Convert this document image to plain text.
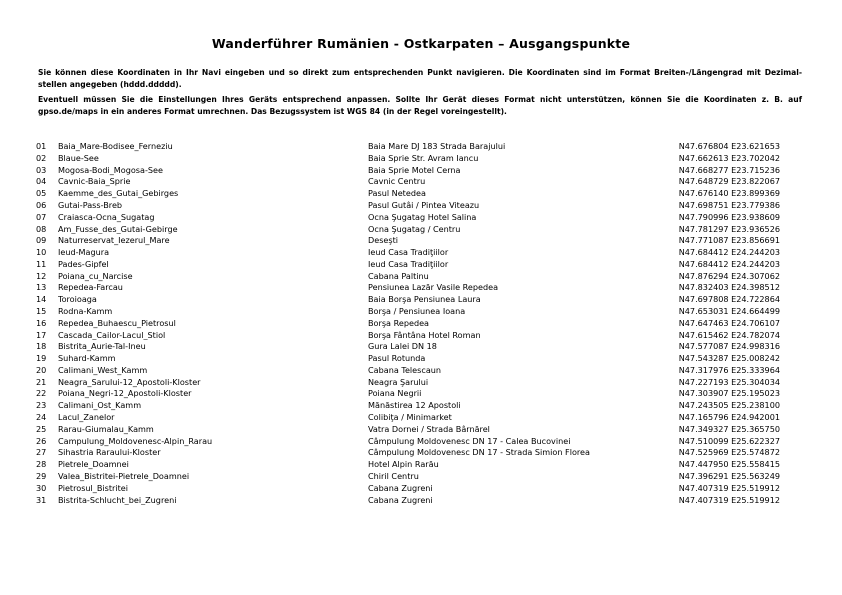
Wanderführer Rumänien - Ostkarpaten – Ausgangspunkte

Sie können diese Koordinaten in Ihr Navi eingeben und so direkt zum entsprechenden Punkt navigieren. Die Koordinaten sind im Format Breiten-/Längengrad mit Dezimal-stellen angegeben (hddd.ddddd).

Eventuell müssen Sie die Einstellungen Ihres Geräts entsprechend anpassen. Sollte Ihr Gerät dieses Format nicht unterstützen, können Sie die Koordinaten z. B. auf gpso.de/maps in ein anderes Format umrechnen. Das Bezugssystem ist WGS 84 (in der Regel voreingestellt).

01	Baia_Mare-Bodisee_Ferneziu	Baia Mare DJ 183 Strada Barajului	N47.676804 E23.621653
02	Blaue-See	Baia Sprie Str. Avram Iancu	N47.662613 E23.702042
03	Mogosa-Bodi_Mogosa-See	Baia Sprie Motel Cerna	N47.668277 E23.715236
04	Cavnic-Baia_Sprie	Cavnic Centru	N47.648729 E23.822067
05	Kaemme_des_Gutai_Gebirges	Pasul Netedea	N47.676140 E23.899369
06	Gutai-Pass-Breb	Pasul Gutâi / Pintea Viteazu	N47.698751 E23.779386
07	Craiasca-Ocna_Sugatag	Ocna Şugatag Hotel Salina	N47.790996 E23.938609
08	Am_Fusse_des_Gutai-Gebirge	Ocna Şugatag / Centru	N47.781297 E23.936526
09	Naturreservat_Iezerul_Mare	Deseşti	N47.771087 E23.856691
10	Ieud-Magura	Ieud Casa Tradiţiilor	N47.684412 E24.244203
11	Pades-Gipfel	Ieud Casa Tradiţiilor	N47.684412 E24.244203
12	Poiana_cu_Narcise	Cabana Paltinu	N47.876294 E24.307062
13	Repedea-Farcau	Pensiunea Lazăr Vasile Repedea	N47.832403 E24.398512
14	Toroioaga	Baia Borşa Pensiunea Laura	N47.697808 E24.722864
15	Rodna-Kamm	Borşa / Pensiunea Ioana	N47.653031 E24.664499
16	Repedea_Buhaescu_Pietrosul	Borşa Repedea	N47.647463 E24.706107
17	Cascada_Cailor-Lacul_Stiol	Borşa Fântâna Hotel Roman	N47.615462 E24.782074
18	Bistrita_Aurie-Tal-Ineu	Gura Lalei DN 18	N47.577087 E24.998316
19	Suhard-Kamm	Pasul Rotunda	N47.543287 E25.008242
20	Calimani_West_Kamm	Cabana Telescaun	N47.317976 E25.333964
21	Neagra_Sarului-12_Apostoli-Kloster	Neagra Şarului	N47.227193 E25.304034
22	Poiana_Negri-12_Apostoli-Kloster	Poiana Negrii	N47.303907 E25.195023
23	Calimani_Ost_Kamm	Mănăstirea 12 Apostoli	N47.243505 E25.238100
24	Lacul_Zanelor	Colibiţa / Minimarket	N47.165796 E24.942001
25	Rarau-Giumalau_Kamm	Vatra Dornei / Strada Bârnărel	N47.349327 E25.365750
26	Campulung_Moldovenesc-Alpin_Rarau	Câmpulung Moldovenesc DN 17 - Calea Bucovinei	N47.510099 E25.622327
27	Sihastria Raraului-Kloster	Câmpulung Moldovenesc DN 17 - Strada Simion Florea	N47.525969 E25.574872
28	Pietrele_Doamnei	Hotel Alpin Rarău	N47.447950 E25.558415
29	Valea_Bistritei-Pietrele_Doamnei	Chiril Centru	N47.396291 E25.563249
30	Pietrosul_Bistritei	Cabana Zugreni	N47.407319 E25.519912
31	Bistrita-Schlucht_bei_Zugreni	Cabana Zugreni	N47.407319 E25.519912
